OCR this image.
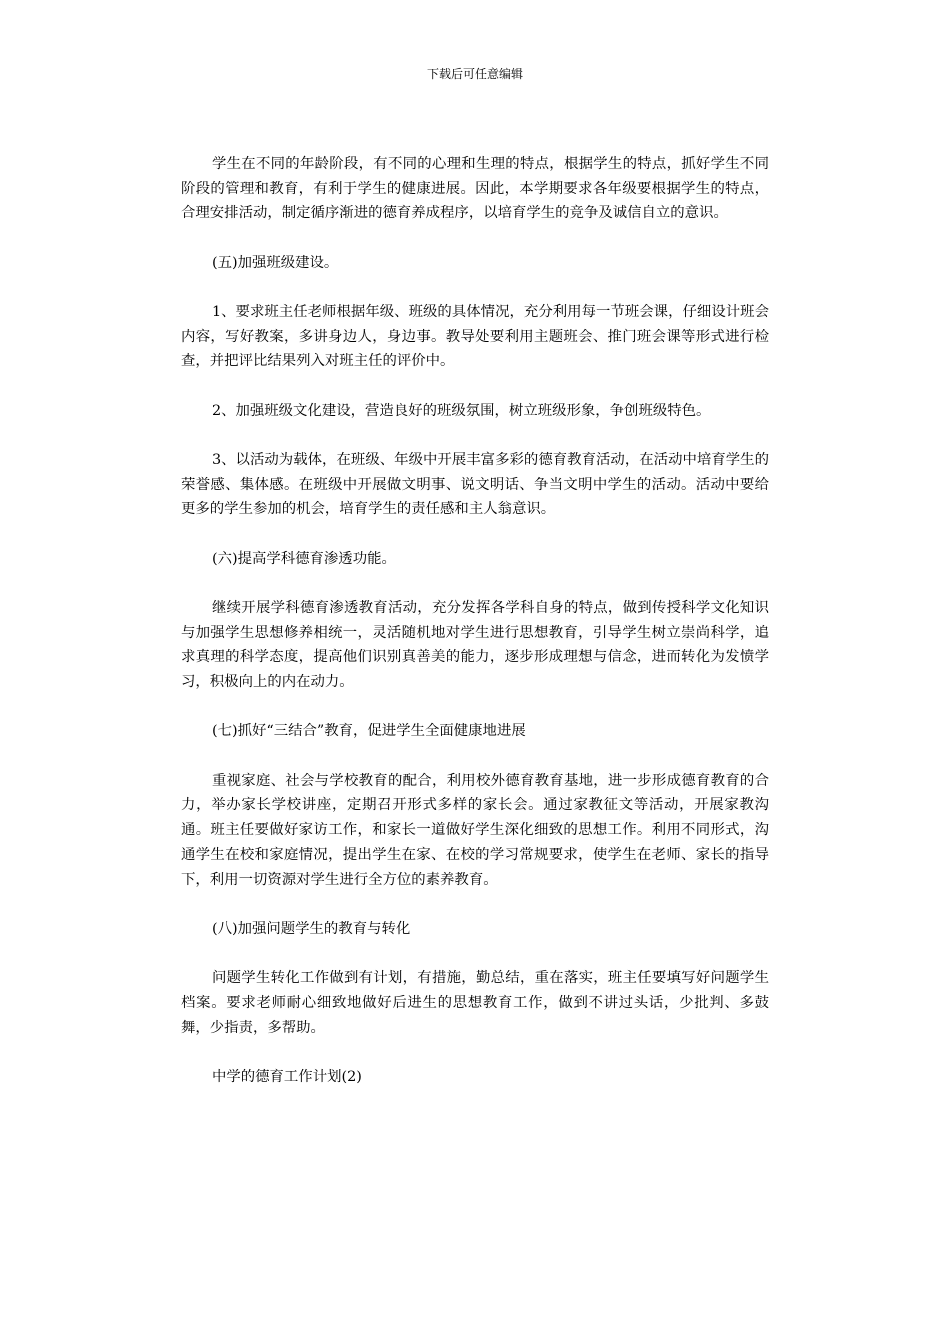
下载后可任意编辑

学生在不同的年龄阶段，有不同的心理和生理的特点，根据学生的特点，抓好学生不同阶段的管理和教育，有利于学生的健康进展。因此，本学期要求各年级要根据学生的特点，合理安排活动，制定循序渐进的德育养成程序，以培育学生的竞争及诚信自立的意识。

(五)加强班级建设。

1、要求班主任老师根据年级、班级的具体情况，充分利用每一节班会课，仔细设计班会内容，写好教案，多讲身边人，身边事。教导处要利用主题班会、推门班会课等形式进行检查，并把评比结果列入对班主任的评价中。

2、加强班级文化建设，营造良好的班级氛围，树立班级形象，争创班级特色。

3、以活动为载体，在班级、年级中开展丰富多彩的德育教育活动，在活动中培育学生的荣誉感、集体感。在班级中开展做文明事、说文明话、争当文明中学生的活动。活动中要给更多的学生参加的机会，培育学生的责任感和主人翁意识。

(六)提高学科德育渗透功能。

继续开展学科德育渗透教育活动，充分发挥各学科自身的特点，做到传授科学文化知识与加强学生思想修养相统一，灵活随机地对学生进行思想教育，引导学生树立崇尚科学，追求真理的科学态度，提高他们识别真善美的能力，逐步形成理想与信念，进而转化为发愤学习，积极向上的内在动力。

(七)抓好“三结合”教育，促进学生全面健康地进展

重视家庭、社会与学校教育的配合，利用校外德育教育基地，进一步形成德育教育的合力，举办家长学校讲座，定期召开形式多样的家长会。通过家教征文等活动，开展家教沟通。班主任要做好家访工作，和家长一道做好学生深化细致的思想工作。利用不同形式，沟通学生在校和家庭情况，提出学生在家、在校的学习常规要求，使学生在老师、家长的指导下，利用一切资源对学生进行全方位的素养教育。

(八)加强问题学生的教育与转化

问题学生转化工作做到有计划，有措施，勤总结，重在落实，班主任要填写好问题学生档案。要求老师耐心细致地做好后进生的思想教育工作，做到不讲过头话，少批判、多鼓舞，少指责，多帮助。

中学的德育工作计划(2)
